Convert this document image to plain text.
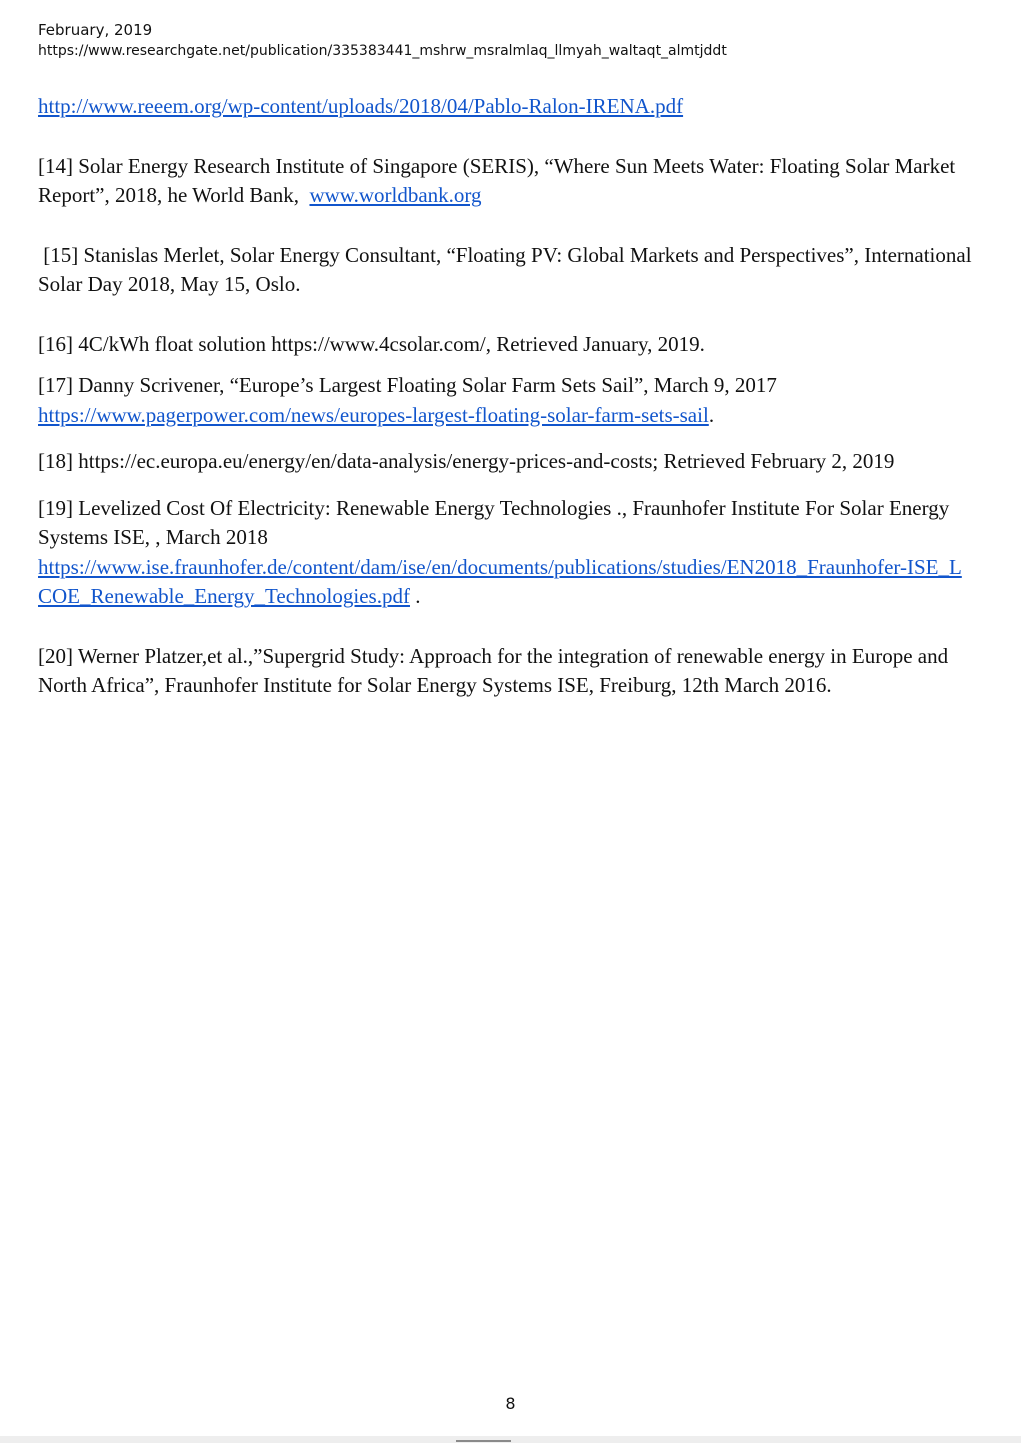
February, 2019
https://www.researchgate.net/publication/335383441_mshrw_msralmlaq_llmyah_waltaqt_almtjddt

http://www.reeem.org/wp-content/uploads/2018/04/Pablo-Ralon-IRENA.pdf

[14] Solar Energy Research Institute of Singapore (SERIS), “Where Sun Meets Water: Floating Solar Market Report”, 2018, he World Bank, www.worldbank.org

[15] Stanislas Merlet, Solar Energy Consultant, “Floating PV: Global Markets and Perspectives”, International Solar Day 2018, May 15, Oslo.

[16] 4C/kWh float solution https://www.4csolar.com/, Retrieved January, 2019.

[17] Danny Scrivener, “Europe’s Largest Floating Solar Farm Sets Sail”, March 9, 2017
https://www.pagerpower.com/news/europes-largest-floating-solar-farm-sets-sail.

[18] https://ec.europa.eu/energy/en/data-analysis/energy-prices-and-costs; Retrieved February 2, 2019

[19] Levelized Cost Of Electricity: Renewable Energy Technologies ., Fraunhofer Institute For Solar Energy Systems ISE, , March 2018
https://www.ise.fraunhofer.de/content/dam/ise/en/documents/publications/studies/EN2018_Fraunhofer-ISE_LCOE_Renewable_Energy_Technologies.pdf .

[20] Werner Platzer,et al.,”Supergrid Study: Approach for the integration of renewable energy in Europe and North Africa”, Fraunhofer Institute for Solar Energy Systems ISE, Freiburg, 12th March 2016.

8
